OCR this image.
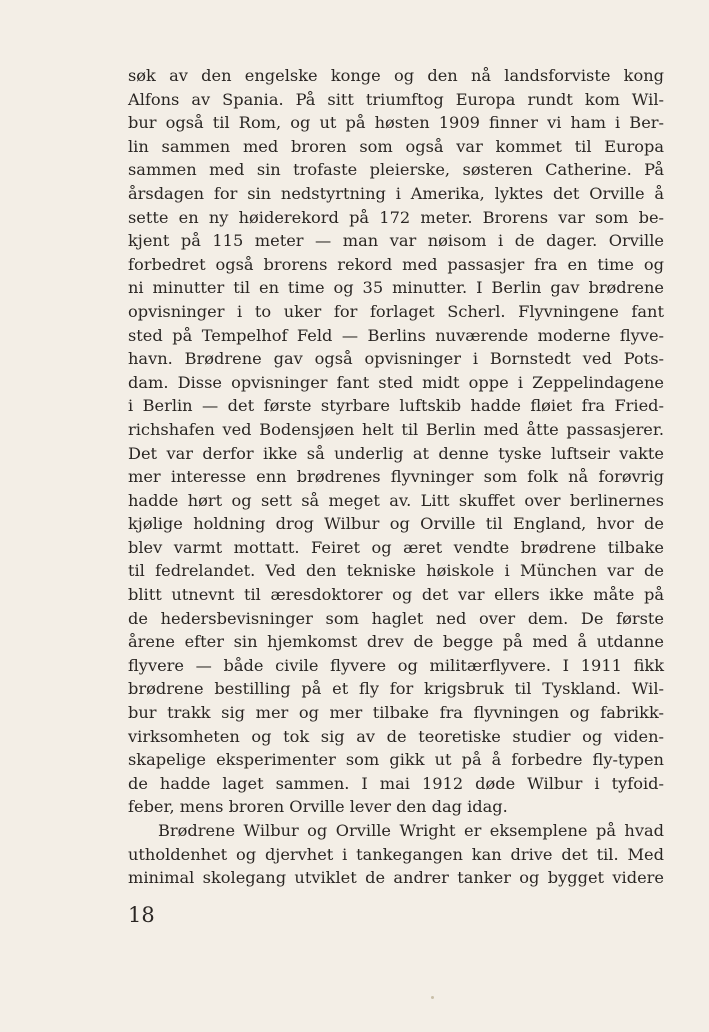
søk av den engelske konge og den nå landsforviste kong
Alfons av Spania. På sitt triumftog Europa rundt kom Wil-
bur også til Rom, og ut på høsten 1909 finner vi ham i Ber-
lin sammen med broren som også var kommet til Europa
sammen med sin trofaste pleierske, søsteren Catherine. På
årsdagen for sin nedstyrtning i Amerika, lyktes det Orville å
sette en ny høiderekord på 172 meter. Brorens var som be-
kjent på 115 meter — man var nøisom i de dager. Orville
forbedret også brorens rekord med passasjer fra en time og
ni minutter til en time og 35 minutter. I Berlin gav brødrene
opvisninger i to uker for forlaget Scherl. Flyvningene fant
sted på Tempelhof Feld — Berlins nuværende moderne flyve-
havn. Brødrene gav også opvisninger i Bornstedt ved Pots-
dam. Disse opvisninger fant sted midt oppe i Zeppelindagene
i Berlin — det første styrbare luftskib hadde fløiet fra Fried-
richshafen ved Bodensjøen helt til Berlin med åtte passasjerer.
Det var derfor ikke så underlig at denne tyske luftseir vakte
mer interesse enn brødrenes flyvninger som folk nå forøvrig
hadde hørt og sett så meget av. Litt skuffet over berlinernes
kjølige holdning drog Wilbur og Orville til England, hvor de
blev varmt mottatt. Feiret og æret vendte brødrene tilbake
til fedrelandet. Ved den tekniske høiskole i München var de
blitt utnevnt til æresdoktorer og det var ellers ikke måte på
de hedersbevisninger som haglet ned over dem. De første
årene efter sin hjemkomst drev de begge på med å utdanne
flyvere — både civile flyvere og militærflyvere. I 1911 fikk
brødrene bestilling på et fly for krigsbruk til Tyskland. Wil-
bur trakk sig mer og mer tilbake fra flyvningen og fabrikk-
virksomheten og tok sig av de teoretiske studier og viden-
skapelige eksperimenter som gikk ut på å forbedre fly-typen
de hadde laget sammen. I mai 1912 døde Wilbur i tyfoid-
feber, mens broren Orville lever den dag idag.
Brødrene Wilbur og Orville Wright er eksemplene på hvad
utholdenhet og djervhet i tankegangen kan drive det til. Med
minimal skolegang utviklet de andrer tanker og bygget videre
18
